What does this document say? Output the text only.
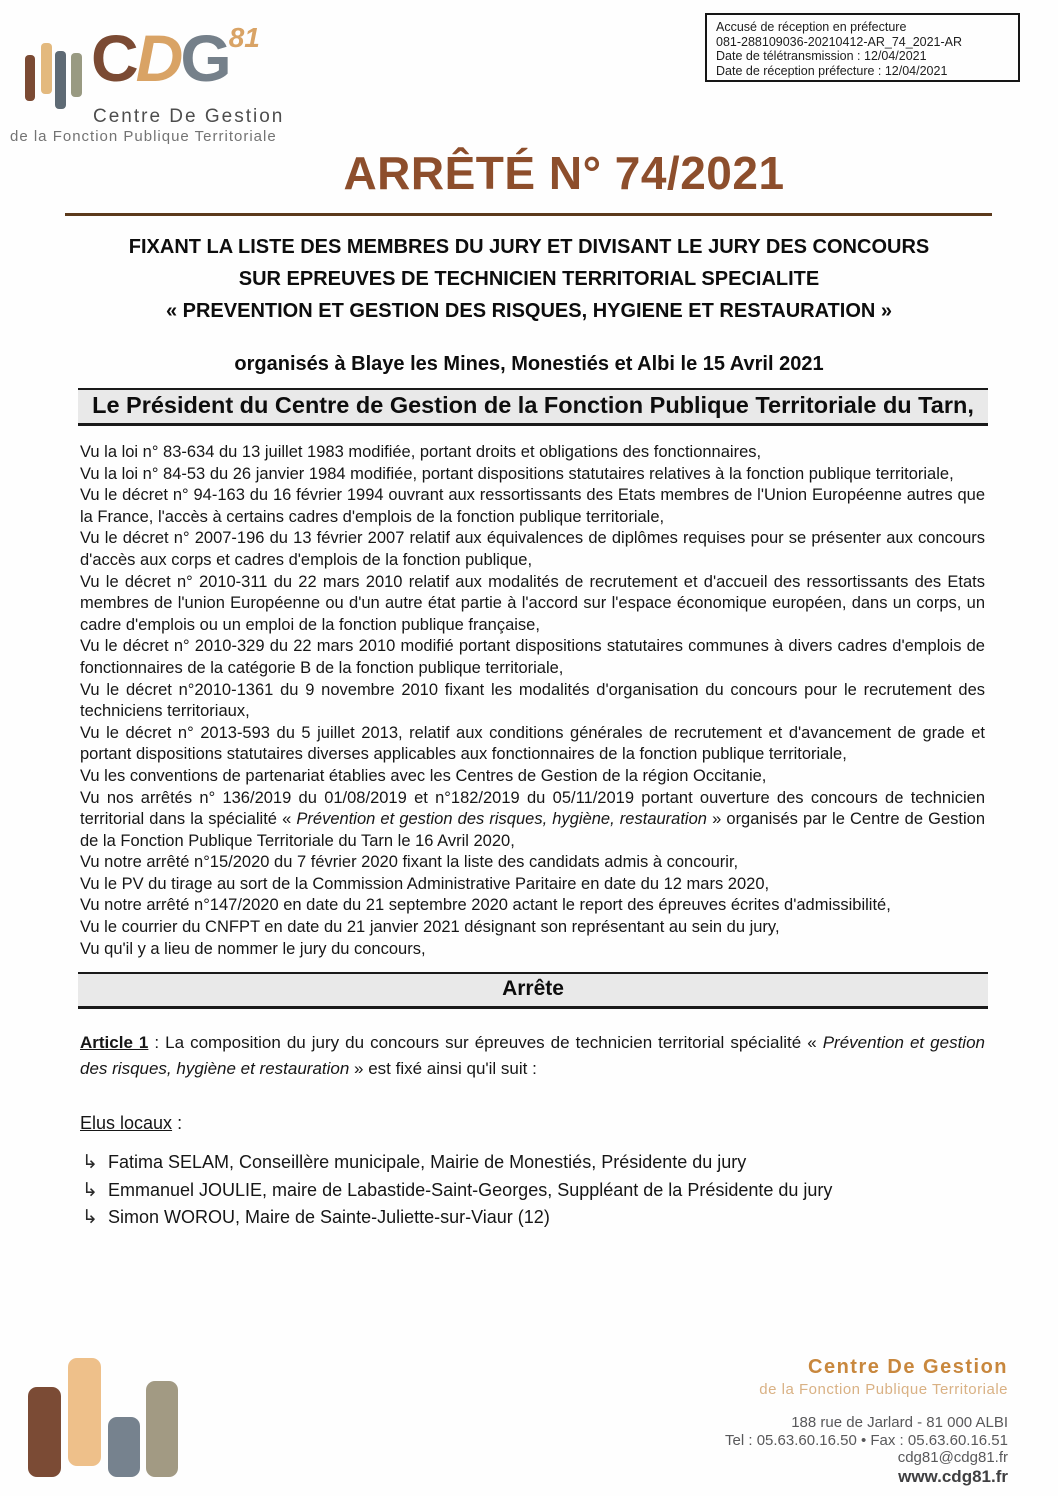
CDG$^{81}$
Centre De Gestion
de la Fonction Publique Territoriale
Accusé de réception en préfecture
081-288109036-20210412-AR_74_2021-AR
Date de télétransmission : 12/04/2021
Date de réception préfecture : 12/04/2021
ARRÊTÉ N° 74/2021
FIXANT LA LISTE DES MEMBRES DU JURY ET DIVISANT LE JURY DES CONCOURS
SUR EPREUVES DE TECHNICIEN TERRITORIAL SPECIALITE
« PREVENTION ET GESTION DES RISQUES, HYGIENE ET RESTAURATION »
organisés à Blaye les Mines, Monestiés et Albi le 15 Avril 2021
Le Président du Centre de Gestion de la Fonction Publique Territoriale du Tarn,

Vu la loi n° 83-634 du 13 juillet 1983 modifiée, portant droits et obligations des fonctionnaires,

Vu la loi n° 84-53 du 26 janvier 1984 modifiée, portant dispositions statutaires relatives à la fonction publique territoriale,

Vu le décret n° 94-163 du 16 février 1994 ouvrant aux ressortissants des Etats membres de l'Union Européenne autres que la France, l'accès à certains cadres d'emplois de la fonction publique territoriale,

Vu le décret n° 2007-196 du 13 février 2007 relatif aux équivalences de diplômes requises pour se présenter aux concours d'accès aux corps et cadres d'emplois de la fonction publique,

Vu le décret n° 2010-311 du 22 mars 2010 relatif aux modalités de recrutement et d'accueil des ressortissants des Etats membres de l'union Européenne ou d'un autre état partie à l'accord sur l'espace économique européen, dans un corps, un cadre d'emplois ou un emploi de la fonction publique française,

Vu le décret n° 2010-329 du 22 mars 2010 modifié portant dispositions statutaires communes à divers cadres d'emplois de fonctionnaires de la catégorie B de la fonction publique territoriale,

Vu le décret n°2010-1361 du 9 novembre 2010 fixant les modalités d'organisation du concours pour le recrutement des techniciens territoriaux,

Vu le décret n° 2013-593 du 5 juillet 2013, relatif aux conditions générales de recrutement et d'avancement de grade et portant dispositions statutaires diverses applicables aux fonctionnaires de la fonction publique territoriale,

Vu les conventions de partenariat établies avec les Centres de Gestion de la région Occitanie,

Vu nos arrêtés n° 136/2019 du 01/08/2019 et n°182/2019 du 05/11/2019 portant ouverture des concours de technicien territorial dans la spécialité « Prévention et gestion des risques, hygiène, restauration » organisés par le Centre de Gestion de la Fonction Publique Territoriale du Tarn le 16 Avril 2020,

Vu notre arrêté n°15/2020 du 7 février 2020 fixant la liste des candidats admis à concourir,

Vu le PV du tirage au sort de la Commission Administrative Paritaire en date du 12 mars 2020,

Vu notre arrêté n°147/2020 en date du 21 septembre 2020 actant le report des épreuves écrites d'admissibilité,

Vu le courrier du CNFPT en date du 21 janvier 2021 désignant son représentant au sein du jury,

Vu qu'il y a lieu de nommer le jury du concours,

Arrête
Article 1 : La composition du jury du concours sur épreuves de technicien territorial spécialité « Prévention et gestion des risques, hygiène et restauration » est fixé ainsi qu'il suit :
Elus locaux :
↳ Fatima SELAM, Conseillère municipale, Mairie de Monestiés, Présidente du jury
↳ Emmanuel JOULIE, maire de Labastide-Saint-Georges, Suppléant de la Présidente du jury
↳ Simon WOROU, Maire de Sainte-Juliette-sur-Viaur (12)
Centre De Gestion
de la Fonction Publique Territoriale
188 rue de Jarlard - 81 000 ALBI
Tel : 05.63.60.16.50 • Fax : 05.63.60.16.51
cdg81@cdg81.fr
www.cdg81.fr
